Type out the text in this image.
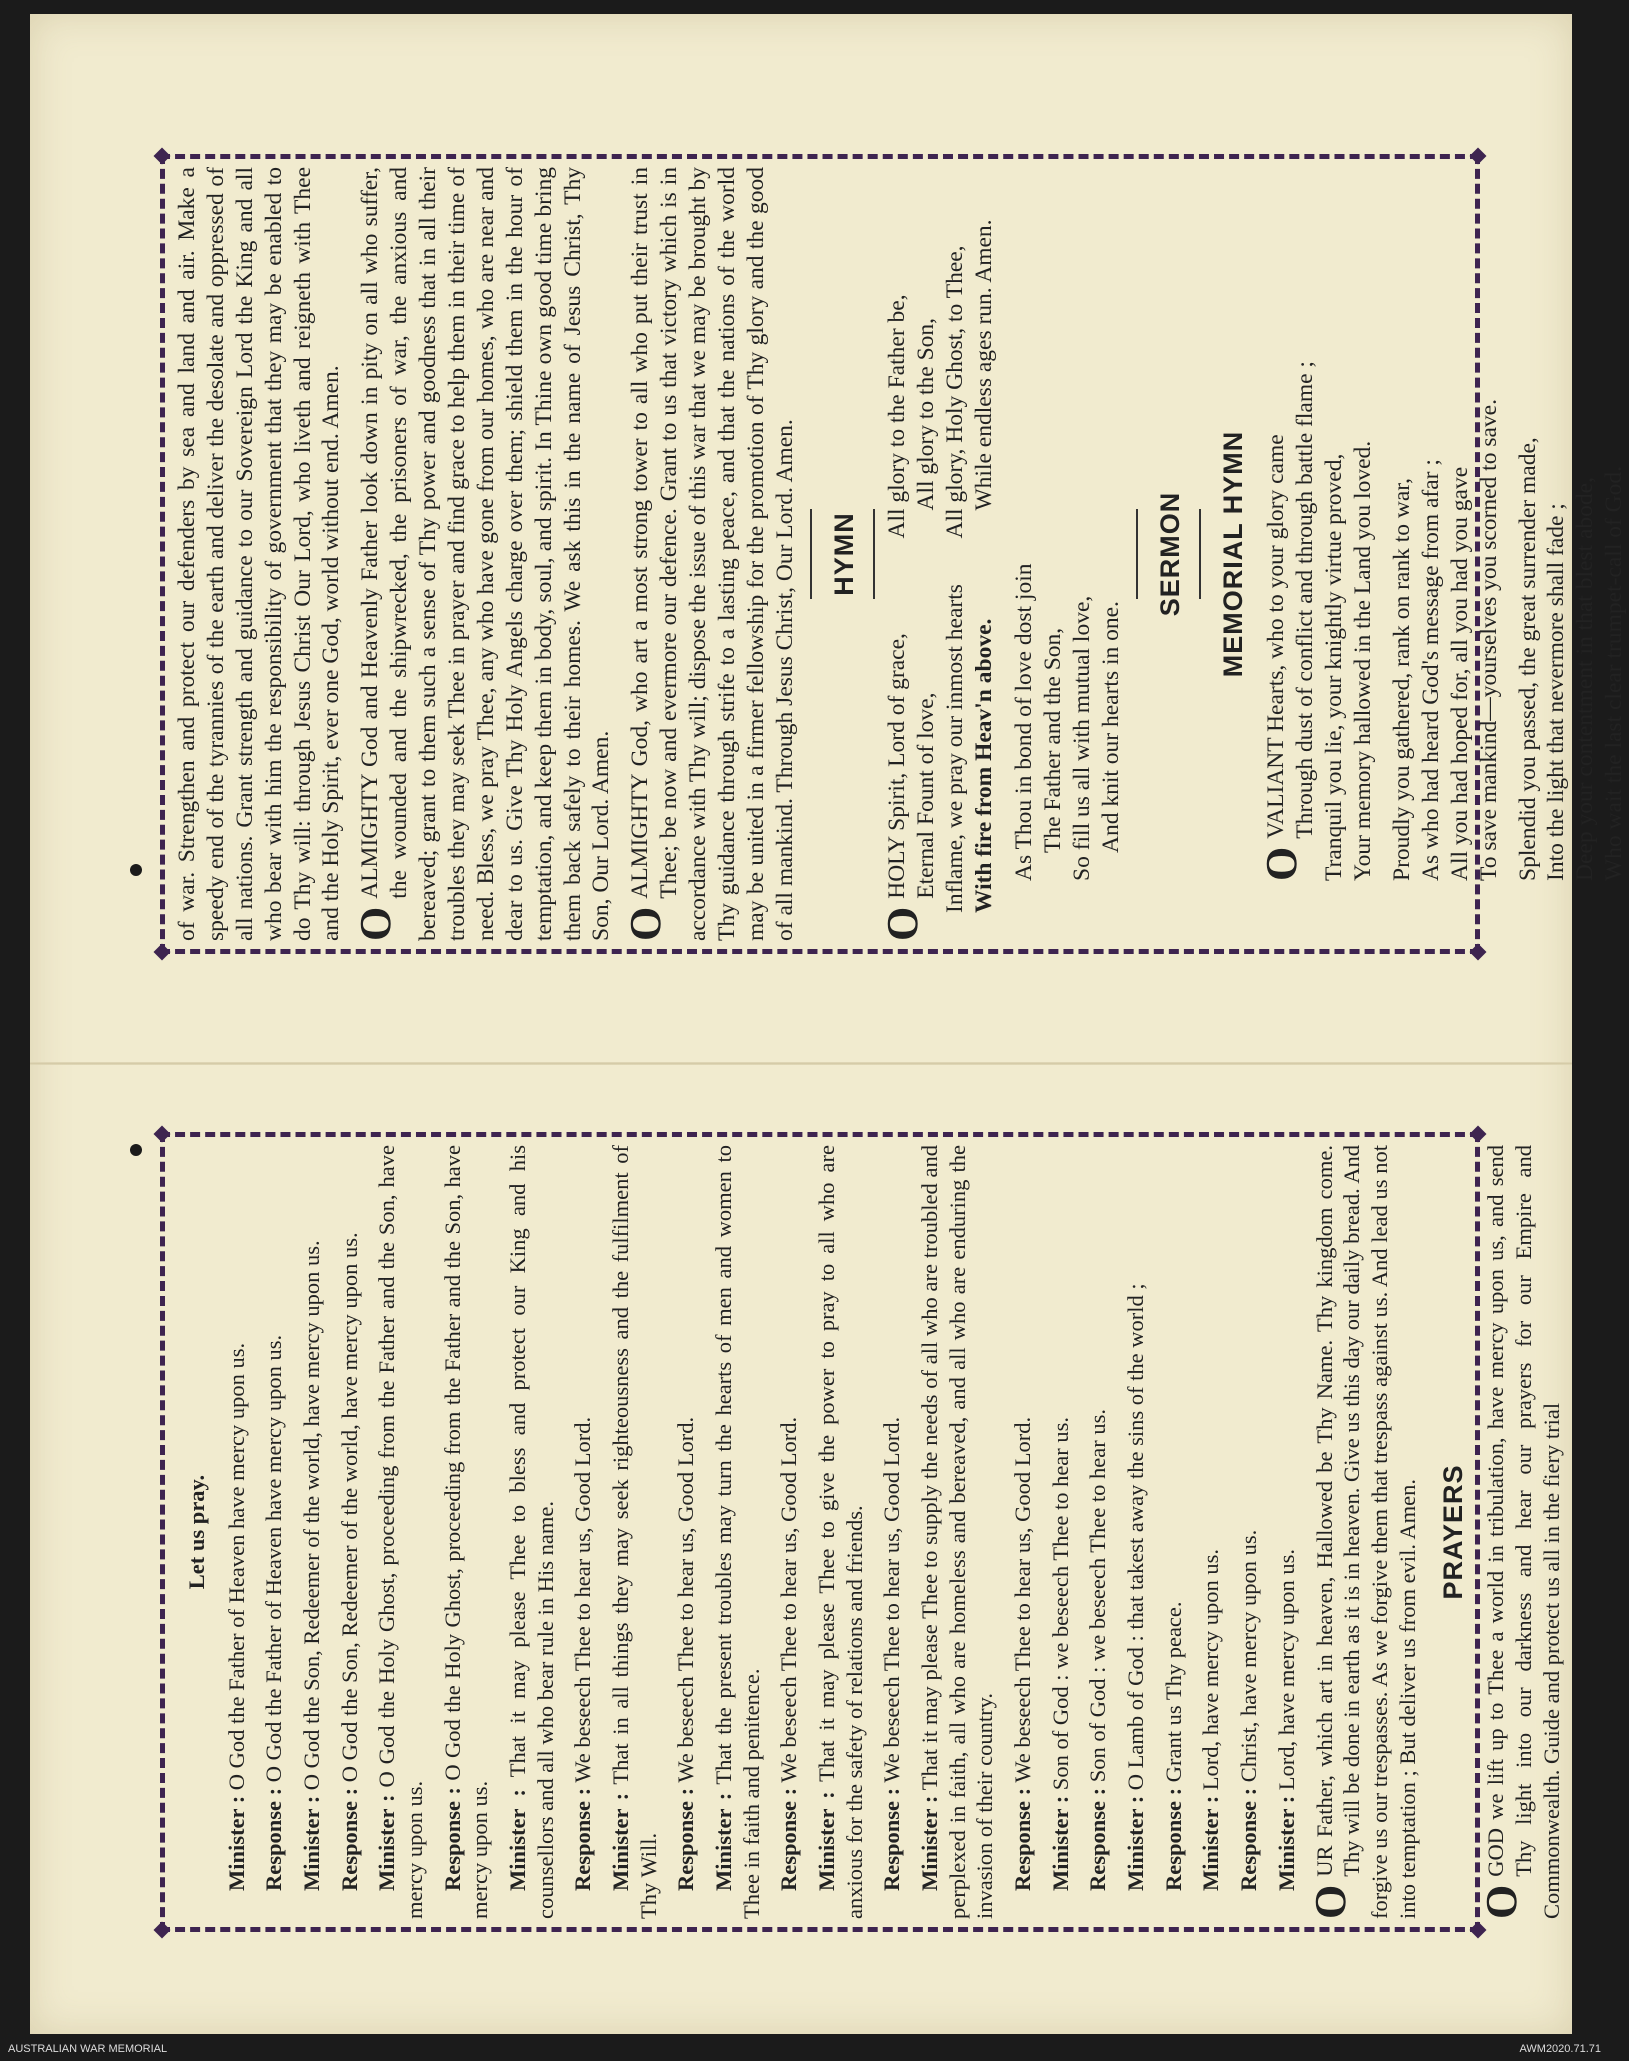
of war. Strengthen and protect our defenders by sea and land and air. Make a speedy end of the tyrannies of the earth and deliver the desolate and oppressed of all nations. Grant strength and guidance to our Sovereign Lord the King and all who bear with him the responsibility of government that they may be enabled to do Thy will: through Jesus Christ Our Lord, who liveth and reigneth with Thee and the Holy Spirit, ever one God, world without end. Amen.

O
ALMIGHTY God and Heavenly Father look down in pity on all who suffer, the wounded and the shipwrecked, the prisoners of war, the anxious and bereaved; grant to them such a sense of Thy power and goodness that in all their troubles they may seek Thee in prayer and find grace to help them in their time of need. Bless, we pray Thee, any who have gone from our homes, who are near and dear to us. Give Thy Holy Angels charge over them; shield them in the hour of temptation, and keep them in body, soul, and spirit. In Thine own good time bring them back safely to their homes. We ask this in the name of Jesus Christ, Thy Son, Our Lord. Amen.

O
ALMIGHTY God, who art a most strong tower to all who put their trust in Thee; be now and evermore our defence. Grant to us that victory which is in accordance with Thy will; dispose the issue of this war that we may be brought by Thy guidance through strife to a lasting peace, and that the nations of the world may be united in a firmer fellowship for the promotion of Thy glory and the good of all mankind. Through Jesus Christ, Our Lord. Amen.

HYMN
O
HOLY Spirit, Lord of grace, Eternal Fount of love, Inflame, we pray our inmost hearts With fire from Heav'n above.
All glory to the Father be, All glory to the Son, All glory, Holy Ghost, to Thee, While endless ages run. Amen.
As Thou in bond of love dost join The Father and the Son, So fill us all with mutual love, And knit our hearts in one.
SERMON MEMORIAL HYMN
O
VALIANT Hearts, who to your glory came Through dust of conflict and through battle flame ; Tranquil you lie, your knightly virtue proved, Your memory hallowed in the Land you loved. Proudly you gathered, rank on rank to war, As who had heard God's message from afar ; All you had hoped for, all you had you gave To save mankind—yourselves you scorned to save. Splendid you passed, the great surrender made, Into the light that nevermore shall fade ; Deep your contentment in that blest abode, Who wait the last clear trumpet-call of God.
Let us pray.

Minister : O God the Father of Heaven have mercy upon us.

Response : O God the Father of Heaven have mercy upon us.

Minister : O God the Son, Redeemer of the world, have mercy upon us.

Response : O God the Son, Redeemer of the world, have mercy upon us.

Minister : O God the Holy Ghost, proceeding from the Father and the Son, have mercy upon us. Response : O God the Holy Ghost, proceeding from the Father and the Son, have mercy upon us. Minister : That it may please Thee to bless and protect our King and his counsellors and all who bear rule in His name. Response : We beseech Thee to hear us, Good Lord.

Minister : That in all things they may seek righteousness and the fulfilment of Thy Will. Response : We beseech Thee to hear us, Good Lord.

Minister : That the present troubles may turn the hearts of men and women to Thee in faith and penitence. Response : We beseech Thee to hear us, Good Lord.

Minister : That it may please Thee to give the power to pray to all who are anxious for the safety of relations and friends. Response : We beseech Thee to hear us, Good Lord.

Minister : That it may please Thee to supply the needs of all who are troubled and perplexed in faith, all who are homeless and bereaved, and all who are enduring the invasion of their country. Response : We beseech Thee to hear us, Good Lord.

Minister : Son of God : we beseech Thee to hear us.

Response : Son of God : we beseech Thee to hear us.

Minister : O Lamb of God : that takest away the sins of the world ;

Response : Grant us Thy peace.

Minister : Lord, have mercy upon us.

Response : Christ, have mercy upon us.

Minister : Lord, have mercy upon us.

O
UR Father, which art in heaven, Hallowed be Thy Name. Thy kingdom come. Thy will be done in earth as it is in heaven. Give us this day our daily bread. And forgive us our trespasses. As we forgive them that trespass against us. And lead us not into temptation ; But deliver us from evil. Amen. PRAYERS

O
GOD we lift up to Thee a world in tribulation, have mercy upon us, and send Thy light into our darkness and hear our prayers for our Empire and Commonwealth. Guide and protect us all in the fiery trial

AUSTRALIAN WAR MEMORIAL	AWM2020.71.71
